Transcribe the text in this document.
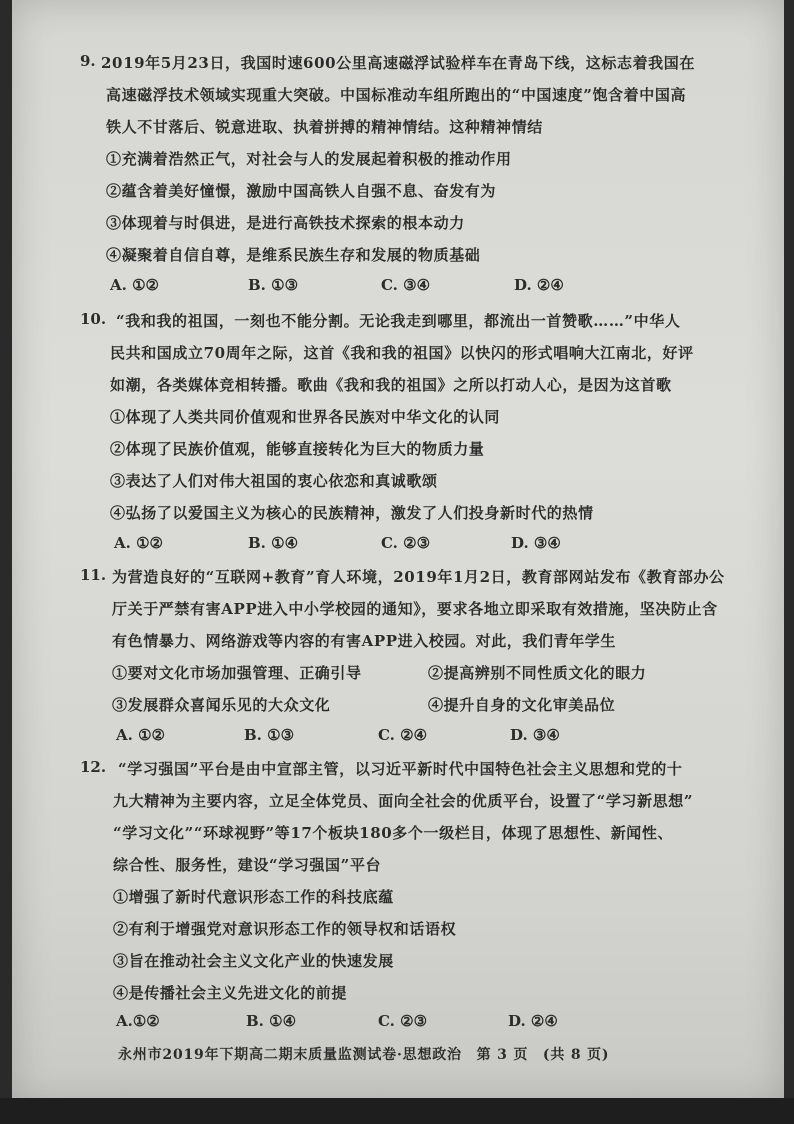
9. 2019年5月23日，我国时速600公里高速磁浮试验样车在青岛下线，这标志着我国在
高速磁浮技术领域实现重大突破。中国标准动车组所跑出的“中国速度”饱含着中国高
铁人不甘落后、锐意进取、执着拼搏的精神情结。这种精神情结
①充满着浩然正气，对社会与人的发展起着积极的推动作用
②蕴含着美好憧憬，激励中国高铁人自强不息、奋发有为
③体现着与时俱进，是进行高铁技术探索的根本动力
④凝聚着自信自尊，是维系民族生存和发展的物质基础
A. ①②	B. ①③	C. ③④	D. ②④
10. “我和我的祖国，一刻也不能分割。无论我走到哪里，都流出一首赞歌……”中华人
民共和国成立70周年之际，这首《我和我的祖国》以快闪的形式唱响大江南北，好评
如潮，各类媒体竞相转播。歌曲《我和我的祖国》之所以打动人心，是因为这首歌
①体现了人类共同价值观和世界各民族对中华文化的认同
②体现了民族价值观，能够直接转化为巨大的物质力量
③表达了人们对伟大祖国的衷心依恋和真诚歌颂
④弘扬了以爱国主义为核心的民族精神，激发了人们投身新时代的热情
A. ①②	B. ①④	C. ②③	D. ③④
11. 为营造良好的“互联网+教育”育人环境，2019年1月2日，教育部网站发布《教育部办公
厅关于严禁有害APP进入中小学校园的通知》，要求各地立即采取有效措施，坚决防止含
有色情暴力、网络游戏等内容的有害APP进入校园。对此，我们青年学生
①要对文化市场加强管理、正确引导	②提高辨别不同性质文化的眼力
③发展群众喜闻乐见的大众文化	④提升自身的文化审美品位
A. ①②	B. ①③	C. ②④	D. ③④
12. “学习强国”平台是由中宣部主管，以习近平新时代中国特色社会主义思想和党的十
九大精神为主要内容，立足全体党员、面向全社会的优质平台，设置了“学习新思想”
“学习文化”“环球视野”等17个板块180多个一级栏目，体现了思想性、新闻性、
综合性、服务性，建设“学习强国”平台
①增强了新时代意识形态工作的科技底蕴
②有利于增强党对意识形态工作的领导权和话语权
③旨在推动社会主义文化产业的快速发展
④是传播社会主义先进文化的前提
A.①②	B. ①④	C. ②③	D. ②④
永州市2019年下期高二期末质量监测试卷·思想政治　第 3 页　(共 8 页)
